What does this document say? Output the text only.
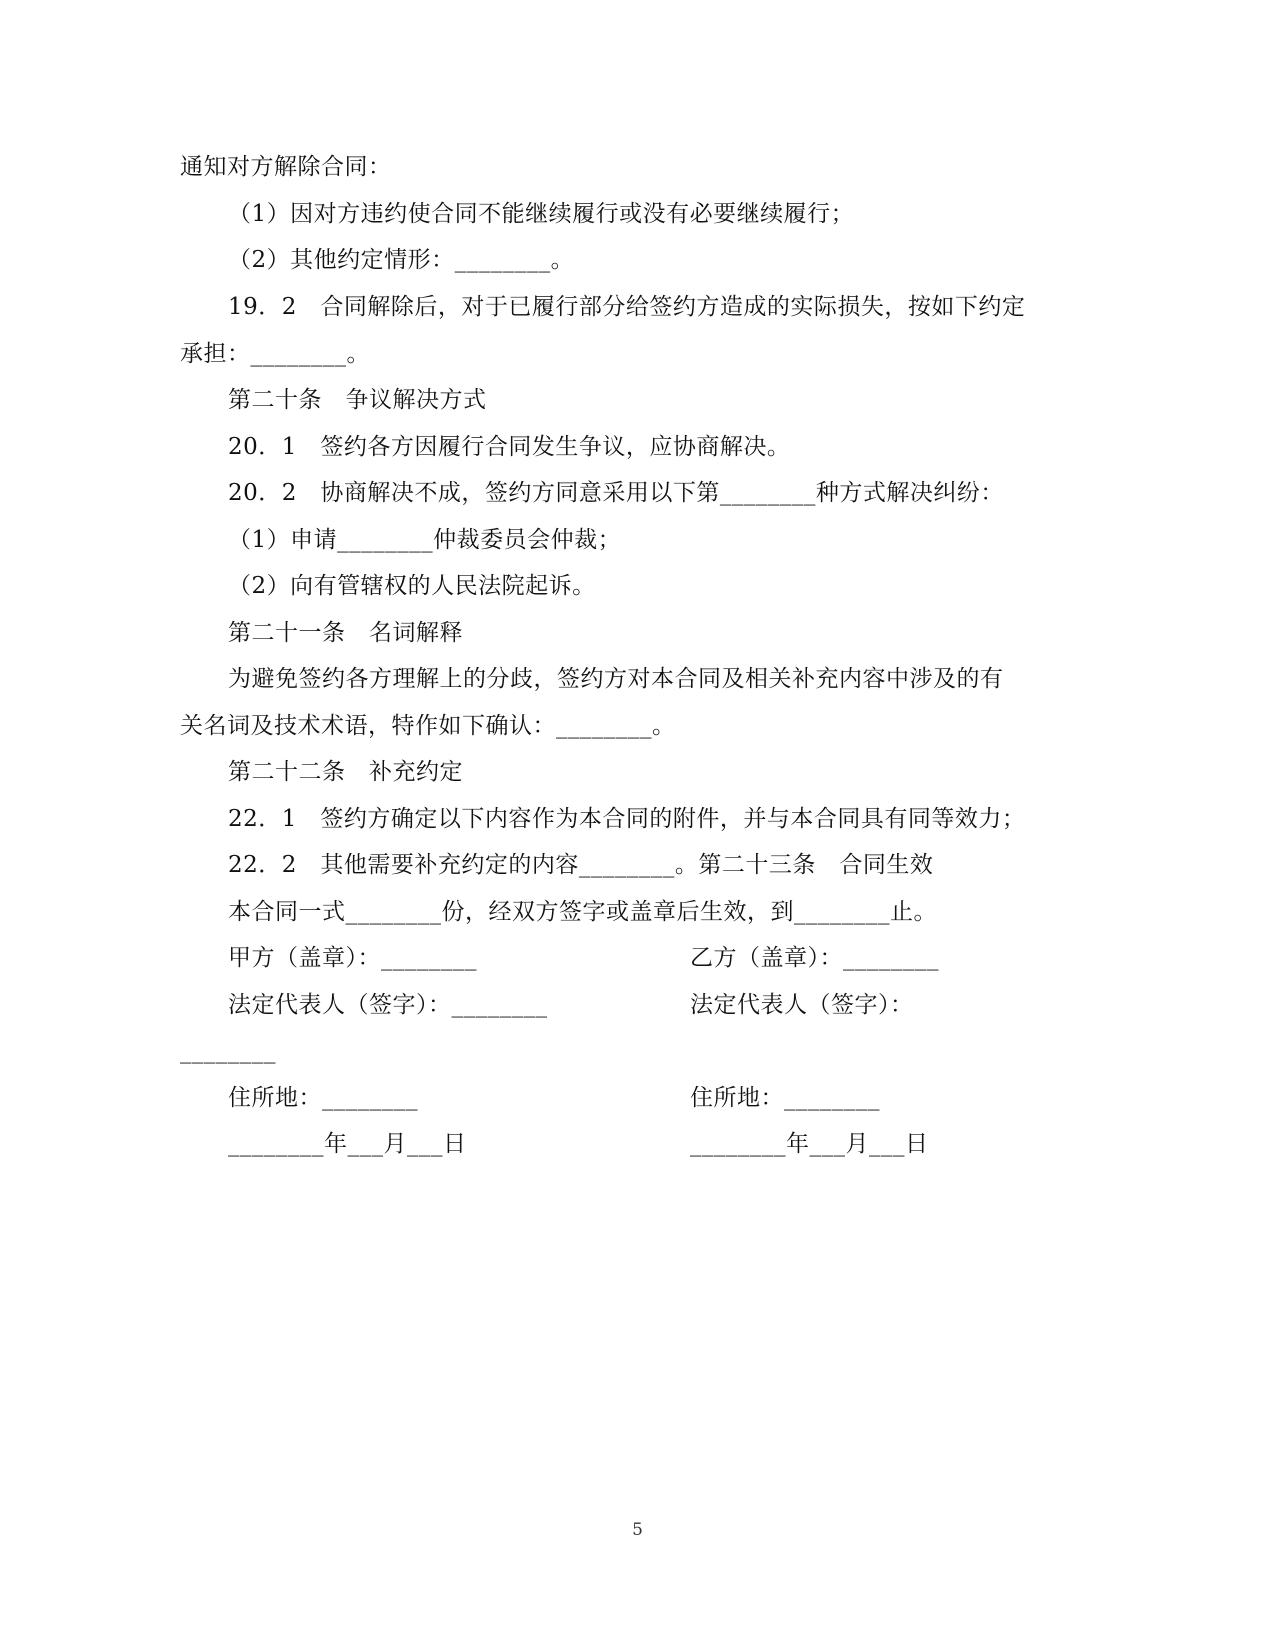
通知对方解除合同：
（1）因对方违约使合同不能继续履行或没有必要继续履行；
（2）其他约定情形：________。
19．2　合同解除后，对于已履行部分给签约方造成的实际损失，按如下约定
承担：________。
第二十条　争议解决方式
20．1　签约各方因履行合同发生争议，应协商解决。
20．2　协商解决不成，签约方同意采用以下第________种方式解决纠纷：
（1）申请________仲裁委员会仲裁；
（2）向有管辖权的人民法院起诉。
第二十一条　名词解释
为避免签约各方理解上的分歧，签约方对本合同及相关补充内容中涉及的有
关名词及技术术语，特作如下确认：________。
第二十二条　补充约定
22．1　签约方确定以下内容作为本合同的附件，并与本合同具有同等效力；
22．2　其他需要补充约定的内容________。第二十三条　合同生效
本合同一式________份，经双方签字或盖章后生效，到________止。
甲方（盖章）：________	乙方（盖章）：________
法定代表人（签字）：________	法定代表人（签字）：
________
住所地：________	住所地：________
________年___月___日	________年___月___日
5
